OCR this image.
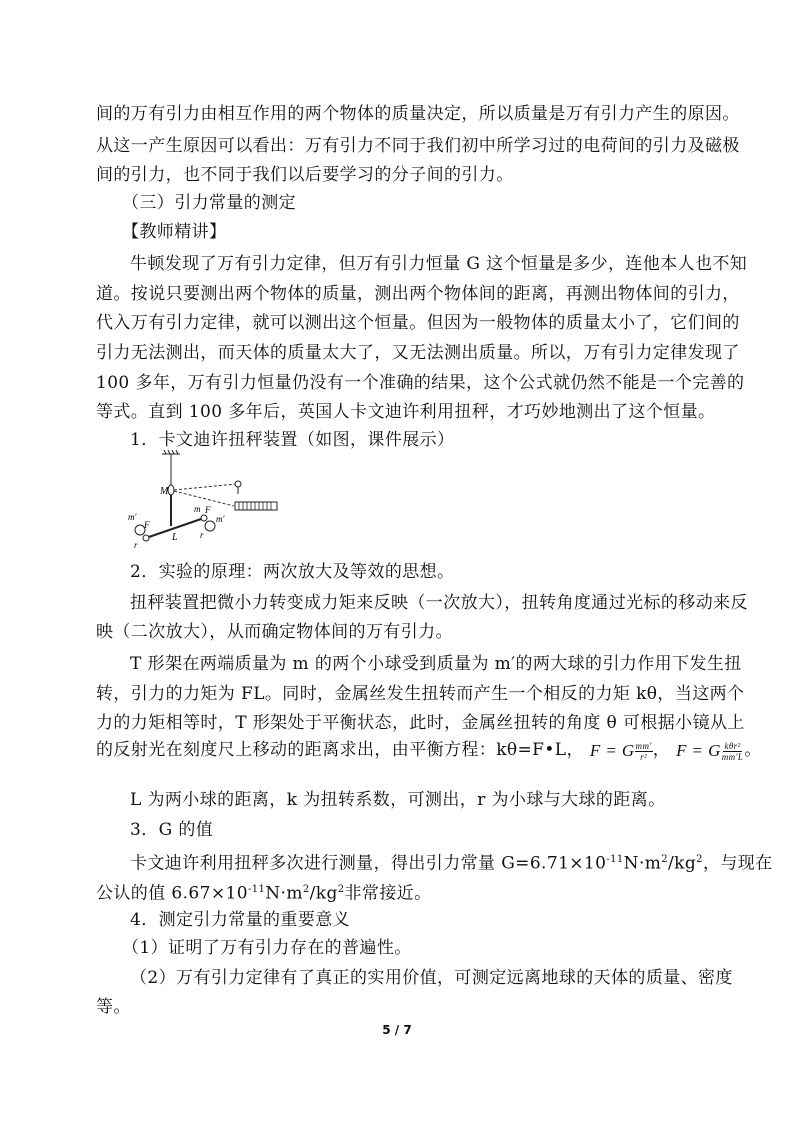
间的万有引力由相互作用的两个物体的质量决定，所以质量是万有引力产生的原因。
从这一产生原因可以看出：万有引力不同于我们初中所学习过的电荷间的引力及磁极
间的引力，也不同于我们以后要学习的分子间的引力。
（三）引力常量的测定
【教师精讲】
牛顿发现了万有引力定律，但万有引力恒量 G 这个恒量是多少，连他本人也不知
道。按说只要测出两个物体的质量，测出两个物体间的距离，再测出物体间的引力，
代入万有引力定律，就可以测出这个恒量。但因为一般物体的质量太小了，它们间的
引力无法测出，而天体的质量太大了，又无法测出质量。所以，万有引力定律发现了
100 多年，万有引力恒量仍没有一个准确的结果，这个公式就仍然不能是一个完善的
等式。直到 100 多年后，英国人卡文迪许利用扭秤，才巧妙地测出了这个恒量。
1．卡文迪许扭秤装置（如图，课件展示）
M
m′
F
r
L
m F
m′
r
2．实验的原理：两次放大及等效的思想。
扭秤装置把微小力转变成力矩来反映（一次放大），扭转角度通过光标的移动来反
映（二次放大），从而确定物体间的万有引力。
T 形架在两端质量为 m 的两个小球受到质量为 m′的两大球的引力作用下发生扭
转，引力的力矩为 FL。同时，金属丝发生扭转而产生一个相反的力矩 kθ，当这两个
力的力矩相等时，T 形架处于平衡状态，此时，金属丝扭转的角度 θ 可根据小镜从上
的反射光在刻度尺上移动的距离求出，由平衡方程：kθ=F•L， F = G $\frac{mm'}{\text{r²}}$ ， F = G $\frac{\text{kθr²}}{mm'L}$ 。
L 为两小球的距离，k 为扭转系数，可测出，r 为小球与大球的距离。
3．G 的值
卡文迪许利用扭秤多次进行测量，得出引力常量 $G=6.71\times 10^{-11}N\cdot m^2/kg^2$，与现在
公认的值 $6.67\times 10^{-11}N\cdot m^2/kg^2$非常接近。
4．测定引力常量的重要意义
（1）证明了万有引力存在的普遍性。
（2）万有引力定律有了真正的实用价值，可测定远离地球的天体的质量、密度
等。
5 / 7
